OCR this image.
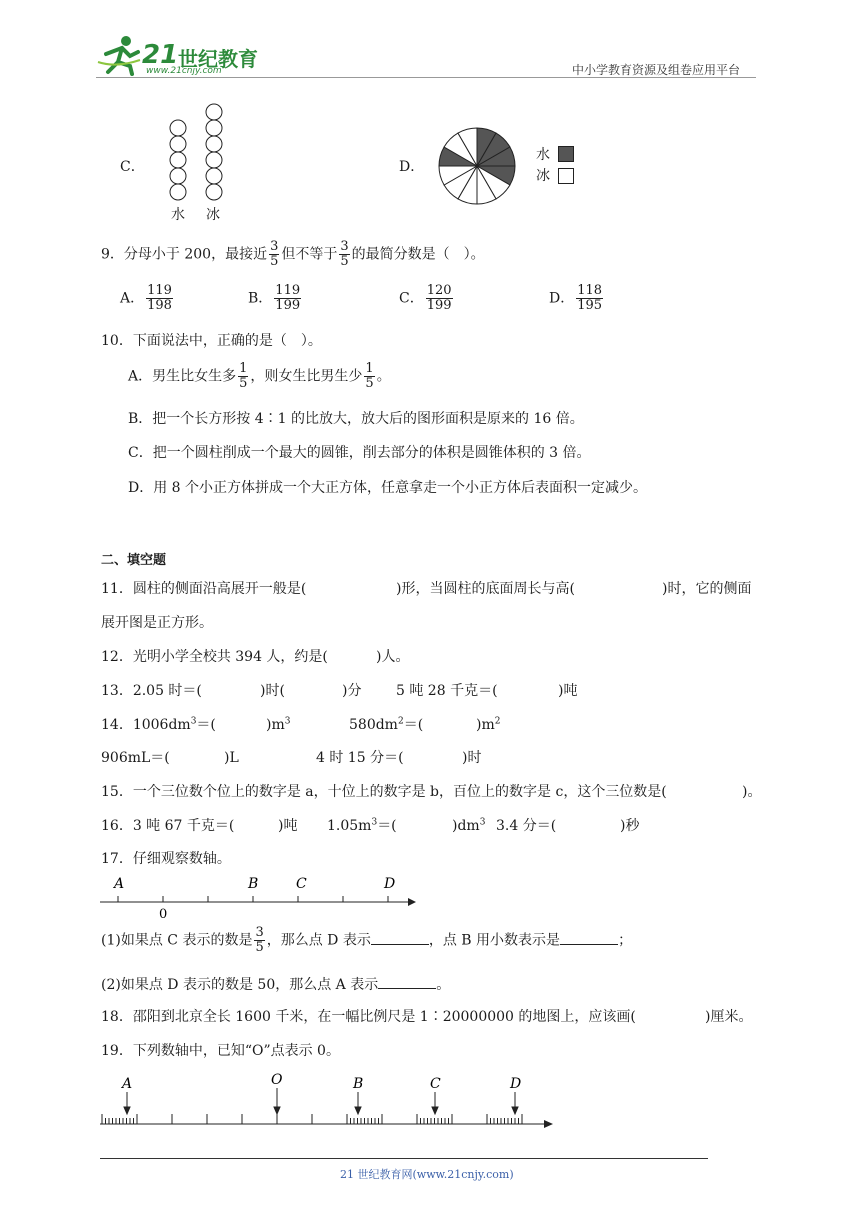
21 世纪教育
www.21cnjy.com	中小学教育资源及组卷应用平台
C．
水 冰
D．
水
冰
9．分母小于 200，最接近 $\frac{3}{5}$ 但不等于 $\frac{3}{5}$ 的最简分数是（　）。
A． $\frac{119}{198}$	B． $\frac{119}{199}$	C． $\frac{120}{199}$	D． $\frac{118}{195}$
10．下面说法中，正确的是（　）。
A．男生比女生多 $\frac{1}{5}$ ，则女生比男生少 $\frac{1}{5}$ 。
B．把一个长方形按 4∶1 的比放大，放大后的图形面积是原来的 16 倍。
C．把一个圆柱削成一个最大的圆锥，削去部分的体积是圆锥体积的 3 倍。
D．用 8 个小正方体拼成一个大正方体，任意拿走一个小正方体后表面积一定减少。
二、填空题
11．圆柱的侧面沿高展开一般是(	)形，当圆柱的底面周长与高(	)时，它的侧面
展开图是正方形。
12．光明小学全校共 394 人，约是(	)人。
13．2.05 时＝(	)时(	)分 5 吨 28 千克＝(	)吨
14．$1006dm^3=$(	)$m^3$	$580dm^2=$(	)$m^2$
906mL＝(	)L	4 时 15 分＝(	)时
15．一个三位数个位上的数字是 a，十位上的数字是 b，百位上的数字是 c，这个三位数是(	)。
16．3 吨 67 千克＝(	)吨 $1.05m^3=$(	)$dm^3$ 3.4 分＝(	)秒
17．仔细观察数轴。
A	B	C	D
0
(1)如果点 C 表示的数是 $\frac{3}{5}$ ，那么点 D 表示	，点 B 用小数表示是	；
(2)如果点 D 表示的数是 50，那么点 A 表示	。
18．邵阳到北京全长 1600 千米，在一幅比例尺是 1∶20000000 的地图上，应该画(	)厘米。
19．下列数轴中，已知“O”点表示 0。
A	O	B	C	D
21 世纪教育网(www.21cnjy.com)
